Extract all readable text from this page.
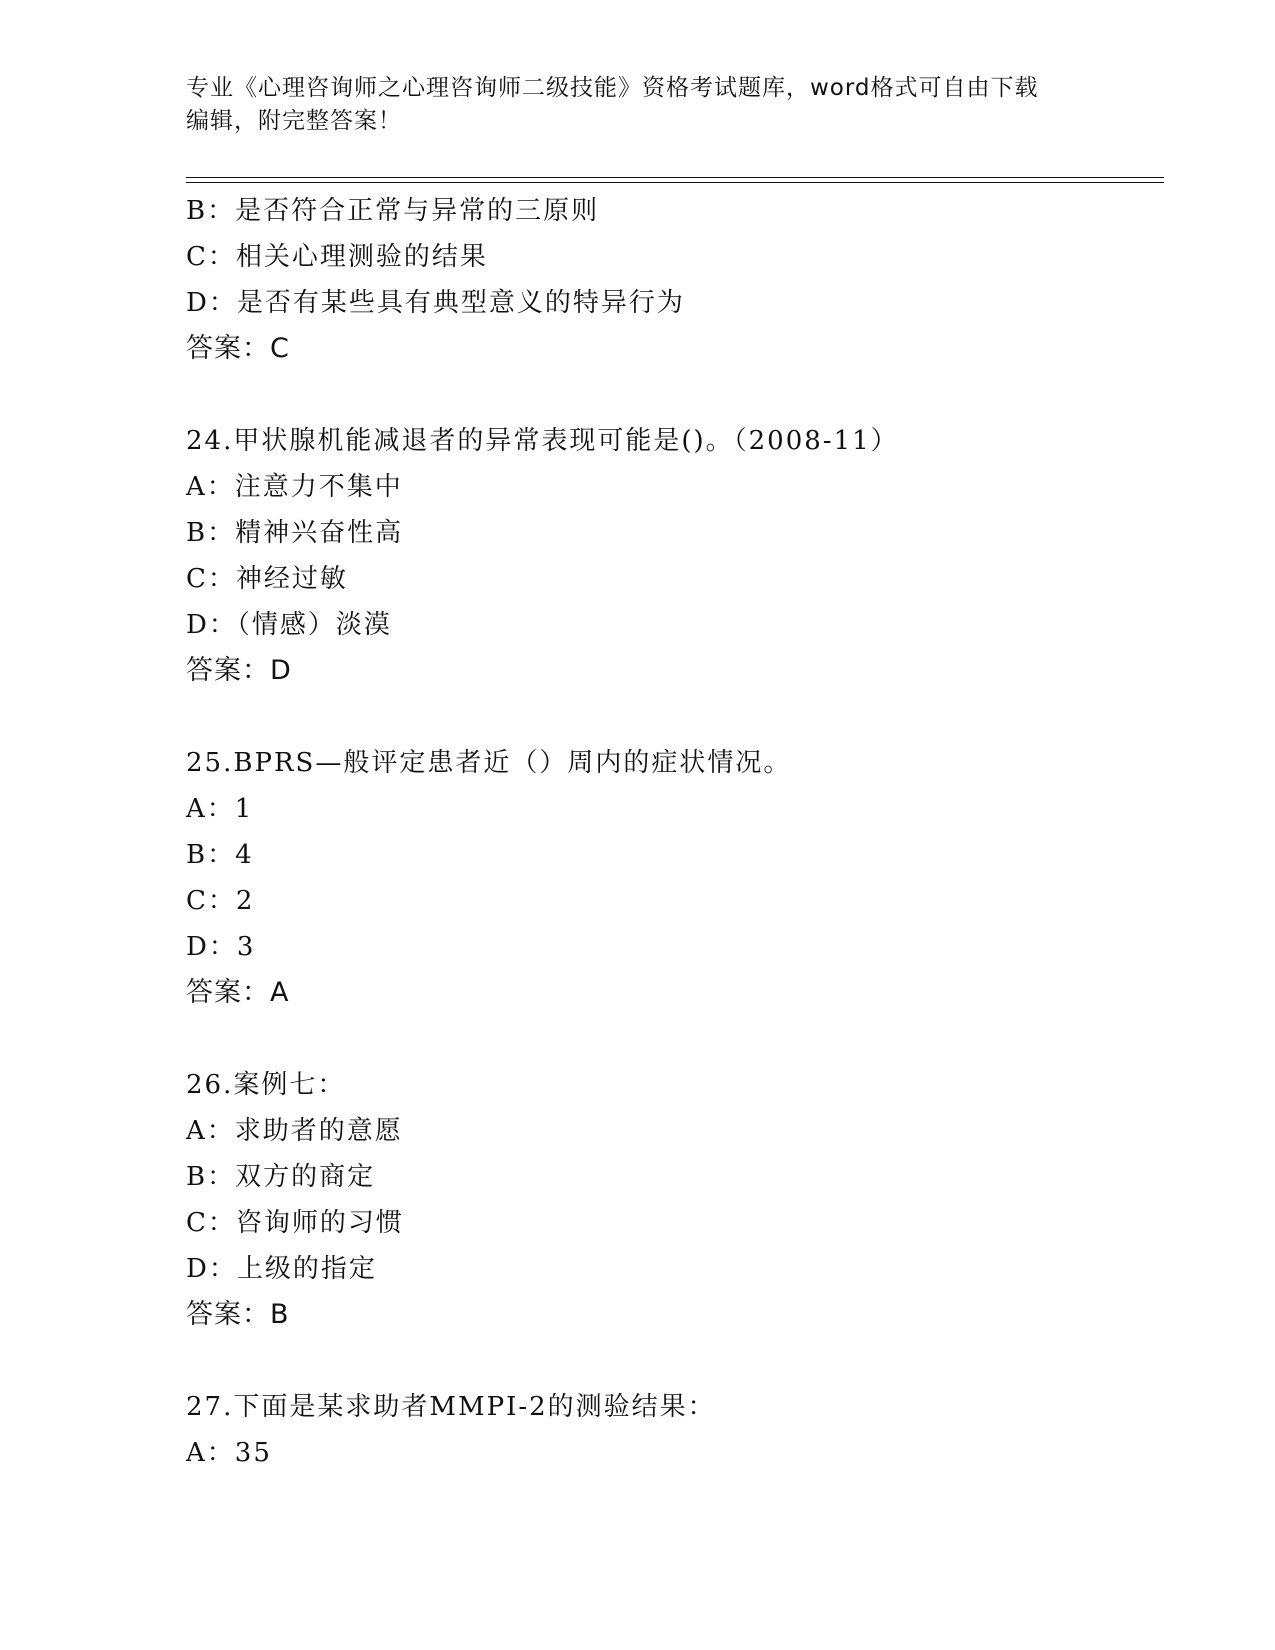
专业《心理咨询师之心理咨询师二级技能》资格考试题库，word格式可自由下载
编辑，附完整答案！
B：是否符合正常与异常的三原则
C：相关心理测验的结果
D：是否有某些具有典型意义的特异行为
答案：C
24.甲状腺机能减退者的异常表现可能是()。（2008-11）
A：注意力不集中
B：精神兴奋性高
C：神经过敏
D：（情感）淡漠
答案：D
25.BPRS—般评定患者近（）周内的症状情况。
A：1
B：4
C：2
D：3
答案：A
26.案例七：
A：求助者的意愿
B：双方的商定
C：咨询师的习惯
D：上级的指定
答案：B
27.下面是某求助者MMPI-2的测验结果：
A：35
